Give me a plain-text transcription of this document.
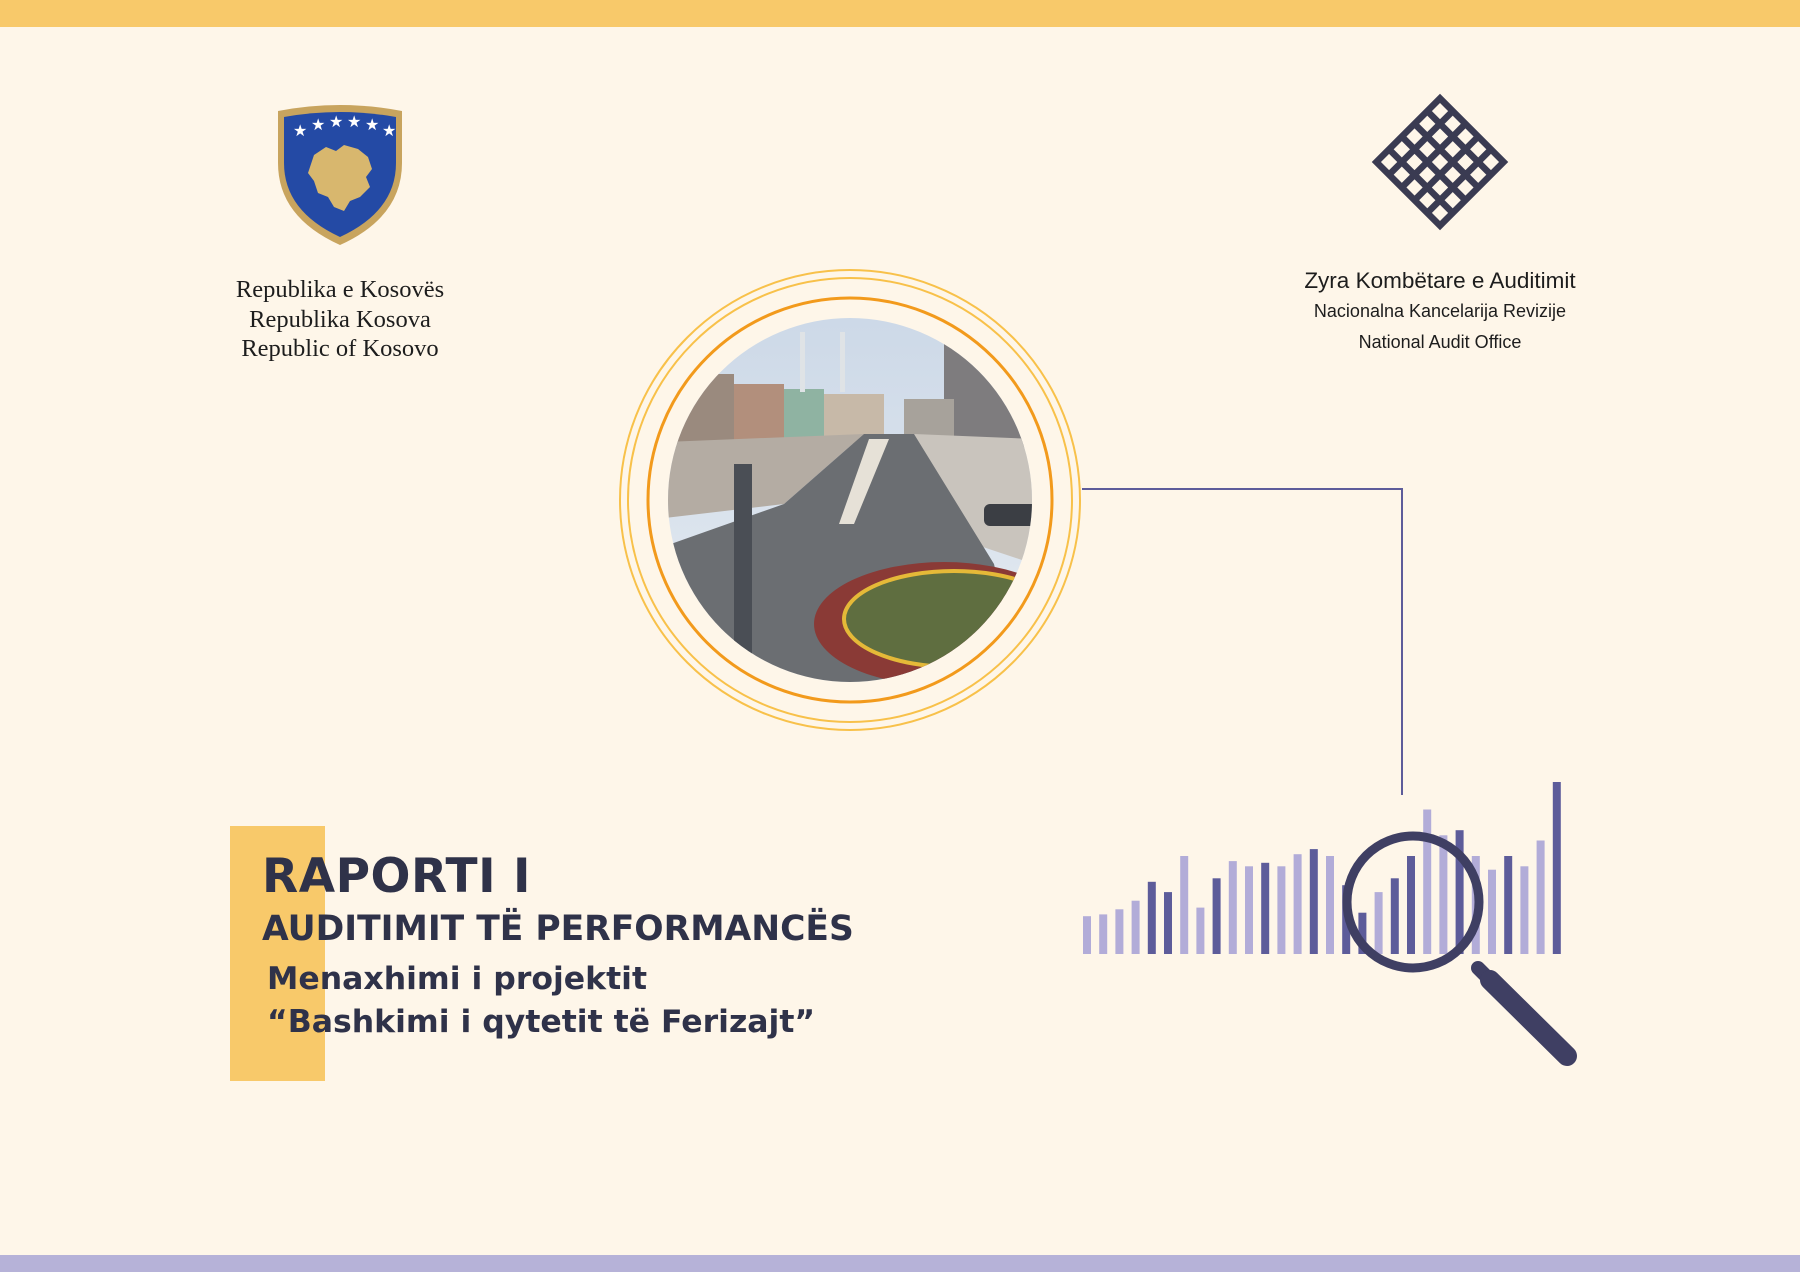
★ ★ ★ ★ ★ ★
Republika e Kosovës
Republika Kosova
Republic of Kosovo
Zyra Kombëtare e Auditimit
Nacionalna Kancelarija Revizije
National Audit Office
RAPORTI I
AUDITIMIT TË PERFORMANCËS
Menaxhimi i projektit
“Bashkimi i qytetit të Ferizajt”
